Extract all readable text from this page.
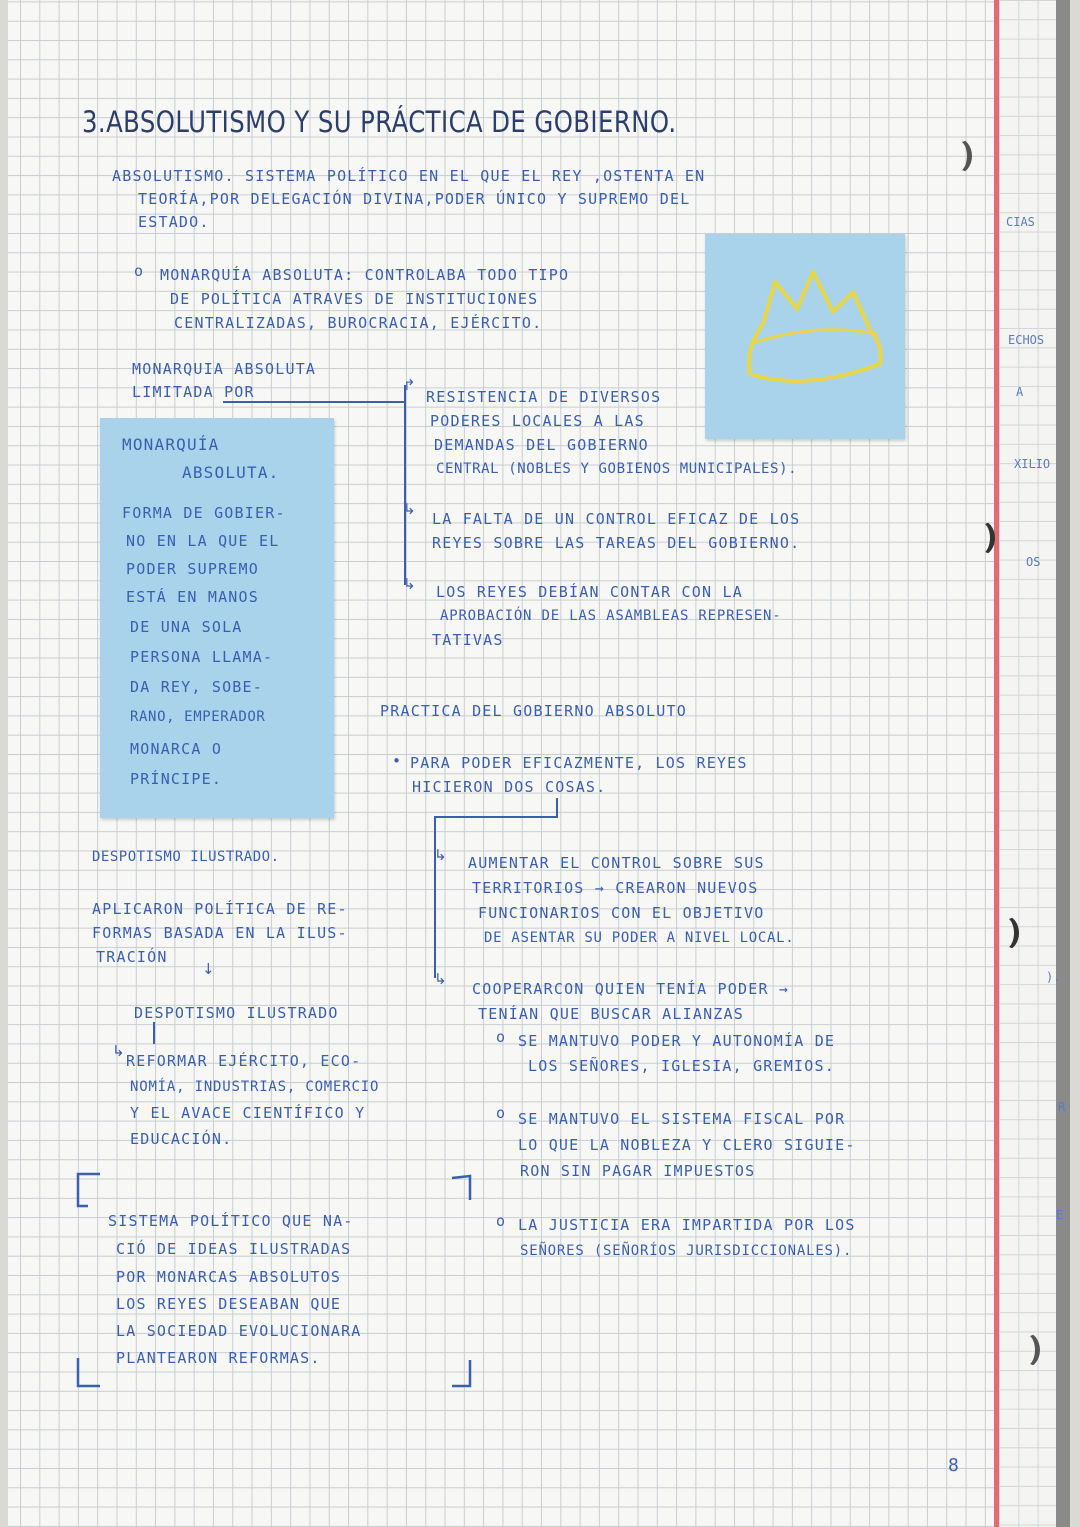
CIAS
ECHOS
A
XILIO
OS
).
R
E
3.ABSOLUTISMO Y SU PRÁCTICA DE GOBIERNO.
ABSOLUTISMO. SISTEMA POLÍTICO EN EL QUE EL REY ,OSTENTA EN
TEORÍA,POR DELEGACIÓN DIVINA,PODER ÚNICO Y SUPREMO DEL
ESTADO.
o MONARQUÍA ABSOLUTA: CONTROLABA TODO TIPO
DE POLÍTICA ATRAVES DE INSTITUCIONES
CENTRALIZADAS, BUROCRACIA, EJÉRCITO.
MONARQUIA ABSOLUTA
LIMITADA POR	↱
↳
↳
RESISTENCIA DE DIVERSOS
PODERES LOCALES A LAS
DEMANDAS DEL GOBIERNO
CENTRAL (NOBLES Y GOBIENOS MUNICIPALES).
LA FALTA DE UN CONTROL EFICAZ DE LOS
REYES SOBRE LAS TAREAS DEL GOBIERNO.
LOS REYES DEBÍAN CONTAR CON LA
APROBACIÓN DE LAS ASAMBLEAS REPRESEN-
TATIVAS
MONARQUÍA
ABSOLUTA.
FORMA DE GOBIER-
NO EN LA QUE EL
PODER SUPREMO
ESTÁ EN MANOS
DE UNA SOLA
PERSONA LLAMA-
DA REY, SOBE-
RANO, EMPERADOR
MONARCA O
PRÍNCIPE.
PRACTICA DEL GOBIERNO ABSOLUTO
• PARA PODER EFICAZMENTE, LOS REYES
HICIERON DOS COSAS.
↳
↳
AUMENTAR EL CONTROL SOBRE SUS
TERRITORIOS → CREARON NUEVOS
FUNCIONARIOS CON EL OBJETIVO
DE ASENTAR SU PODER A NIVEL LOCAL.
COOPERARCON QUIEN TENÍA PODER →
TENÍAN QUE BUSCAR ALIANZAS
o SE MANTUVO PODER Y AUTONOMÍA DE
LOS SEÑORES, IGLESIA, GREMIOS.
o SE MANTUVO EL SISTEMA FISCAL POR
LO QUE LA NOBLEZA Y CLERO SIGUIE-
RON SIN PAGAR IMPUESTOS
o LA JUSTICIA ERA IMPARTIDA POR LOS
SEÑORES (SEÑORÍOS JURISDICCIONALES).
DESPOTISMO ILUSTRADO.
APLICARON POLÍTICA DE RE-
FORMAS BASADA EN LA ILUS-
TRACIÓN
↓
DESPOTISMO ILUSTRADO
↳
REFORMAR EJÉRCITO, ECO-
NOMÍA, INDUSTRIAS, COMERCIO
Y EL AVACE CIENTÍFICO Y
EDUCACIÓN.
SISTEMA POLÍTICO QUE NA-
CIÓ DE IDEAS ILUSTRADAS
POR MONARCAS ABSOLUTOS
LOS REYES DESEABAN QUE
LA SOCIEDAD EVOLUCIONARA
PLANTEARON REFORMAS.
8
